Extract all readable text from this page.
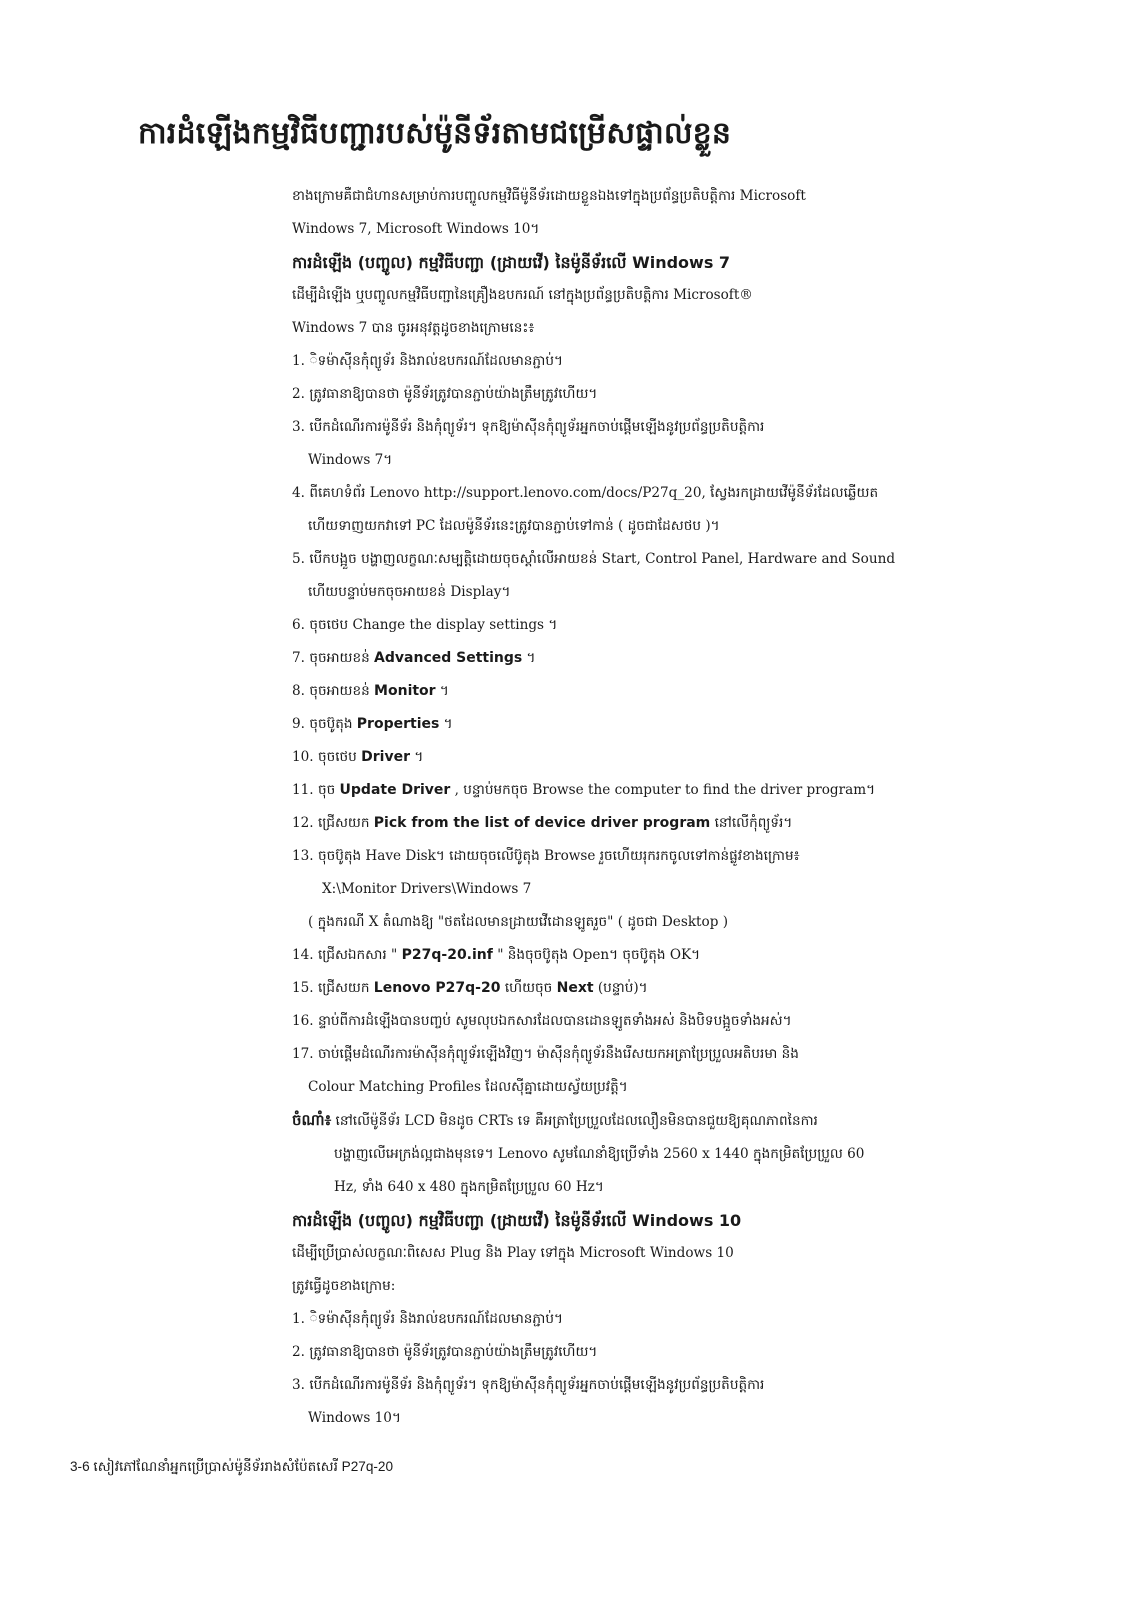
ការដំឡើងកម្មវិធីបញ្ជារបស់ម៉ូនីទ័រតាមជម្រើសផ្ទាល់ខ្លួន

ខាងក្រោមគឺជាជំហានសម្រាប់ការបញ្ចូលកម្មវិធីម៉ូនីទ័រដោយខ្លួនឯងទៅក្នុងប្រព័ន្ធប្រតិបត្តិការ Microsoft

Windows 7, Microsoft Windows 10។

ការដំឡើង (បញ្ចូល) កម្មវិធីបញ្ជា (ដ្រាយវើ) នៃម៉ូនីទ័រលើ Windows 7

ដើម្បីដំឡើង ឬបញ្ចូលកម្មវិធីបញ្ជានៃគ្រឿងឧបករណ៍ នៅក្នុងប្រព័ន្ធប្រតិបត្តិការ Microsoft®

Windows 7 បាន ចូរអនុវត្តដូចខាងក្រោមនេះ៖

1. ិទម៉ាស៊ីនកុំព្យូទ័រ និងរាល់ឧបករណ៍ដែលមានភ្ជាប់។

2. ត្រូវធានាឱ្យបានថា ម៉ូនីទ័រត្រូវបានភ្ជាប់យ៉ាងត្រឹមត្រូវហើយ។

3. បើកដំណើរការម៉ូនីទ័រ និងកុំព្យូទ័រ។ ទុកឱ្យម៉ាស៊ីនកុំព្យូទ័រអ្នកចាប់ផ្ដើមឡើងនូវប្រព័ន្ធប្រតិបត្តិការ

Windows 7។

4. ពីគេហទំព័រ Lenovo http://support.lenovo.com/docs/P27q_20, ស្វែងរកដ្រាយវើម៉ូនីទ័រដែលឆ្លើយត

ហើយទាញយកវាទៅ PC ដែលម៉ូនីទ័រនេះត្រូវបានភ្ជាប់ទៅកាន់ ( ដូចជាដែសថប )។

5. បើកបង្អួច បង្ហាញលក្ខណៈសម្បត្តិដោយចុចស្ដាំលើអាយខន់ Start, Control Panel, Hardware and Sound

ហើយបន្ទាប់មកចុចអាយខន់ Display។

6. ចុចថេប Change the display settings ។

7. ចុចអាយខន់ Advanced Settings ។

8. ចុចអាយខន់ Monitor ។

9. ចុចប៊ូតុង Properties ។

10. ចុចថេប Driver ។

11. ចុច Update Driver , បន្ទាប់មកចុច Browse the computer to find the driver program។

12. ជ្រើសយក Pick from the list of device driver program នៅលើកុំព្យូទ័រ។

13. ចុចប៊ូតុង Have Disk។ ដោយចុចលើប៊ូតុង Browse រួចហើយរុករកចូលទៅកាន់ផ្លូវខាងក្រោម៖

X:\Monitor Drivers\Windows 7

( ក្នុងករណី X តំណាងឱ្យ "ថតដែលមានដ្រាយវើដោនឡូតរួច" ( ដូចជា Desktop )

14. ជ្រើសឯកសារ " P27q-20.inf " និងចុចប៊ូតុង Open។ ចុចប៊ូតុង OK។

15. ជ្រើសយក Lenovo P27q-20 ហើយចុច Next (បន្ទាប់)។

16. ន្ទាប់ពីការដំឡើងបានបញ្ចប់ សូមលុបឯកសារដែលបានដោនឡូតទាំងអស់ និងបិទបង្អួចទាំងអស់។

17. ចាប់ផ្ដើមដំណើរការម៉ាស៊ីនកុំព្យូទ័រឡើងវិញ។ ម៉ាស៊ីនកុំព្យូទ័រនឹងរើសយកអត្រាប្រែប្រួលអតិបរមា និង

Colour Matching Profiles ដែលស៊ីគ្នាដោយស្វ័យប្រវត្តិ។

ចំណាំ៖ នៅលើម៉ូនីទ័រ LCD មិនដូច CRTs ទេ គឺអត្រាប្រែប្រួលដែលលឿនមិនបានជួយឱ្យគុណភាពនៃការ

បង្ហាញលើអេក្រង់ល្អជាងមុនទេ។ Lenovo សូមណែនាំឱ្យប្រើទាំង 2560 x 1440 ក្នុងកម្រិតប្រែប្រួល 60

Hz, ទាំង 640 x 480 ក្នុងកម្រិតប្រែប្រួល 60 Hz។

ការដំឡើង (បញ្ចូល) កម្មវិធីបញ្ជា (ដ្រាយវើ) នៃម៉ូនីទ័រលើ Windows 10

ដើម្បីប្រើប្រាស់លក្ខណៈពិសេស Plug និង Play ទៅក្នុង Microsoft Windows 10

ត្រូវធ្វើដូចខាងក្រោម:

1. ិទម៉ាស៊ីនកុំព្យូទ័រ និងរាល់ឧបករណ៍ដែលមានភ្ជាប់។

2. ត្រូវធានាឱ្យបានថា ម៉ូនីទ័រត្រូវបានភ្ជាប់យ៉ាងត្រឹមត្រូវហើយ។

3. បើកដំណើរការម៉ូនីទ័រ និងកុំព្យូទ័រ។ ទុកឱ្យម៉ាស៊ីនកុំព្យូទ័រអ្នកចាប់ផ្ដើមឡើងនូវប្រព័ន្ធប្រតិបត្តិការ

Windows 10។

3-6 សៀវភៅណែនាំអ្នកប្រើប្រាស់ម៉ូនីទ័ររាងសំប៉ែតសេរី P27q-20
